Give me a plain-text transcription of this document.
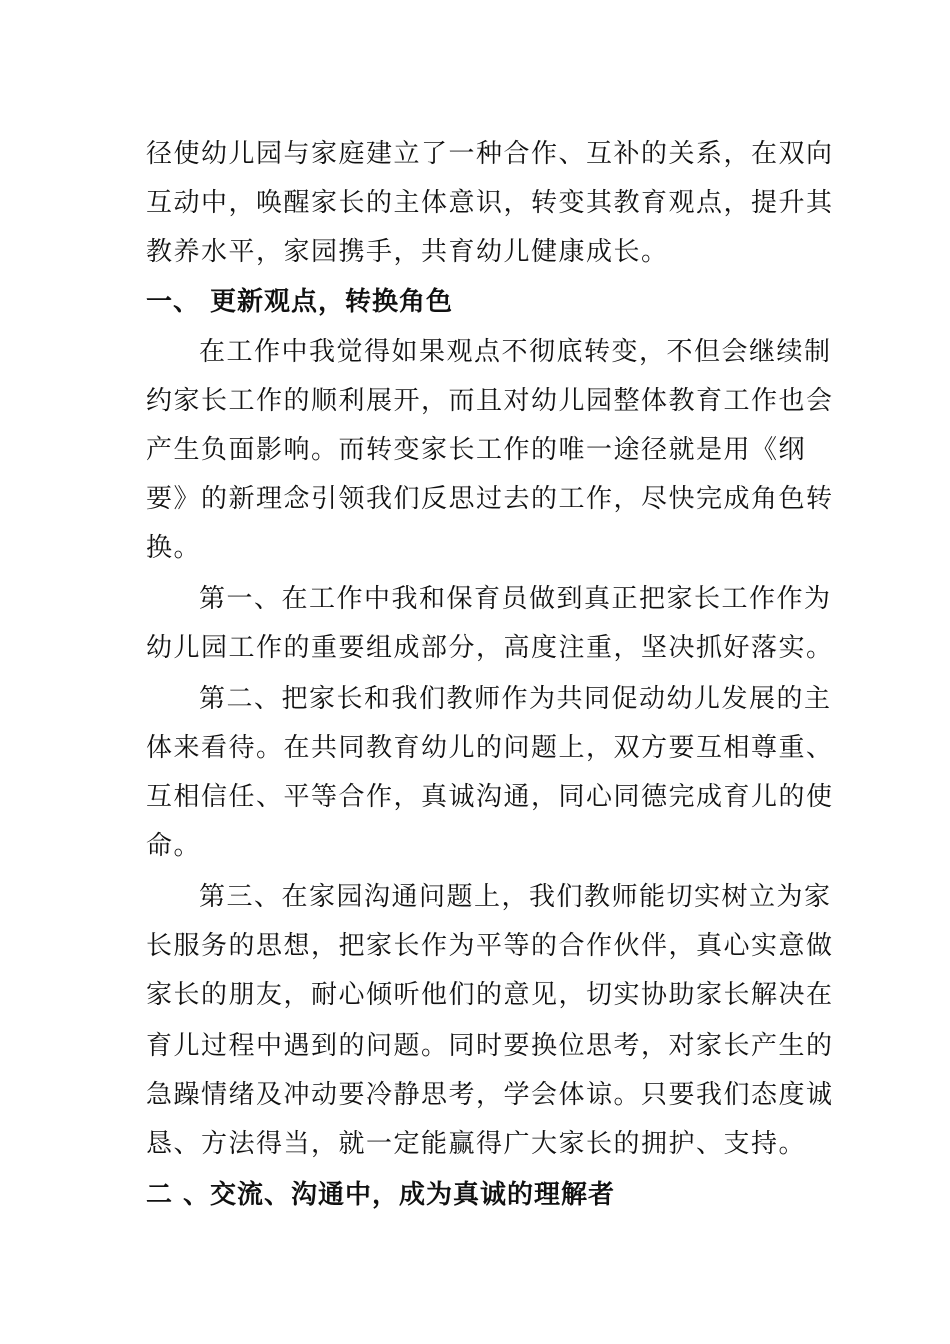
径使幼儿园与家庭建立了一种合作、互补的关系，在双向
互动中，唤醒家长的主体意识，转变其教育观点，提升其
教养水平，家园携手，共育幼儿健康成长。
一、 更新观点，转换角色
在工作中我觉得如果观点不彻底转变，不但会继续制
约家长工作的顺利展开，而且对幼儿园整体教育工作也会
产生负面影响。而转变家长工作的唯一途径就是用《纲
要》的新理念引领我们反思过去的工作，尽快完成角色转
换。
第一、在工作中我和保育员做到真正把家长工作作为
幼儿园工作的重要组成部分，高度注重，坚决抓好落实。
第二、把家长和我们教师作为共同促动幼儿发展的主
体来看待。在共同教育幼儿的问题上，双方要互相尊重、
互相信任、平等合作，真诚沟通，同心同德完成育儿的使
命。
第三、在家园沟通问题上，我们教师能切实树立为家
长服务的思想，把家长作为平等的合作伙伴，真心实意做
家长的朋友，耐心倾听他们的意见，切实协助家长解决在
育儿过程中遇到的问题。同时要换位思考，对家长产生的
急躁情绪及冲动要冷静思考，学会体谅。只要我们态度诚
恳、方法得当，就一定能赢得广大家长的拥护、支持。
二 、交流、沟通中，成为真诚的理解者
